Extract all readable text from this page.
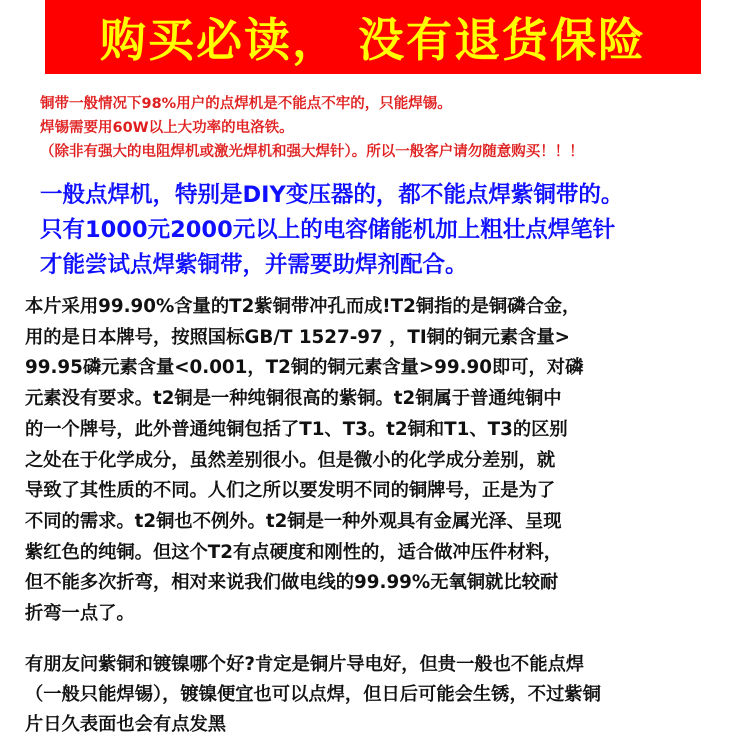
购买必读， 没有退货保险
铜带一般情况下98%用户的点焊机是不能点不牢的，只能焊锡。
焊锡需要用60W以上大功率的电洛铁。
（除非有强大的电阻焊机或激光焊机和强大焊针）。所以一般客户请勿随意购买！！！
一般点焊机，特别是DIY变压器的，都不能点焊紫铜带的。
只有1000元2000元以上的电容储能机加上粗壮点焊笔针
才能尝试点焊紫铜带，并需要助焊剂配合。
本片采用99.90%含量的T2紫铜带冲孔而成!T2铜指的是铜磷合金，
用的是日本牌号，按照国标GB/T 1527-97 ，TI铜的铜元素含量>
99.95磷元素含量<0.001，T2铜的铜元素含量>99.90即可，对磷
元素没有要求。t2铜是一种纯铜很高的紫铜。t2铜属于普通纯铜中
的一个牌号，此外普通纯铜包括了T1、T3。t2铜和T1、T3的区别
之处在于化学成分，虽然差别很小。但是微小的化学成分差别，就
导致了其性质的不同。人们之所以要发明不同的铜牌号，正是为了
不同的需求。t2铜也不例外。t2铜是一种外观具有金属光泽、呈现
紫红色的纯铜。但这个T2有点硬度和刚性的，适合做冲压件材料，
但不能多次折弯，相对来说我们做电线的99.99%无氧铜就比较耐
折弯一点了。
有朋友问紫铜和镀镍哪个好?肯定是铜片导电好，但贵一般也不能点焊
（一般只能焊锡），镀镍便宜也可以点焊，但日后可能会生锈，不过紫铜
片日久表面也会有点发黑
